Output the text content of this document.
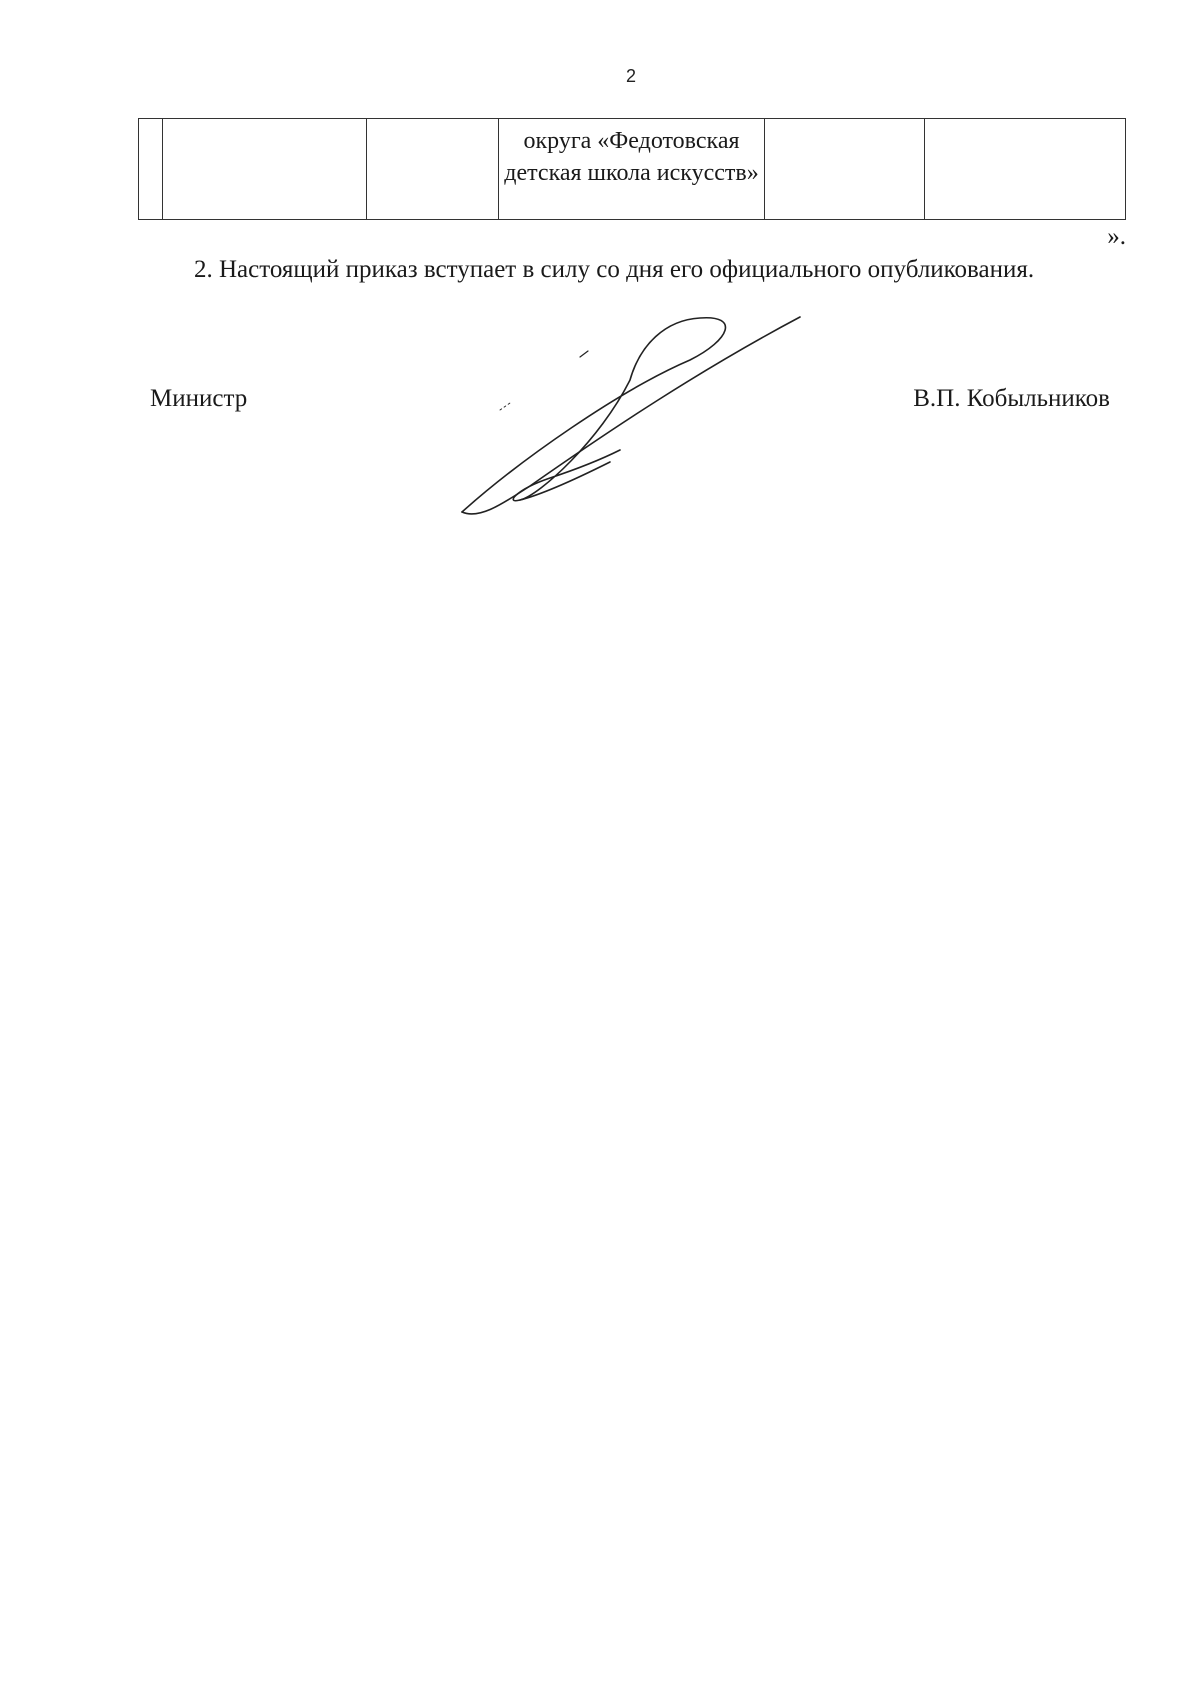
2

округа «Федотовская детская школа искусств»

».

2. Настоящий приказ вступает в силу со дня его официального опубликования.

Министр	В.П. Кобыльников
